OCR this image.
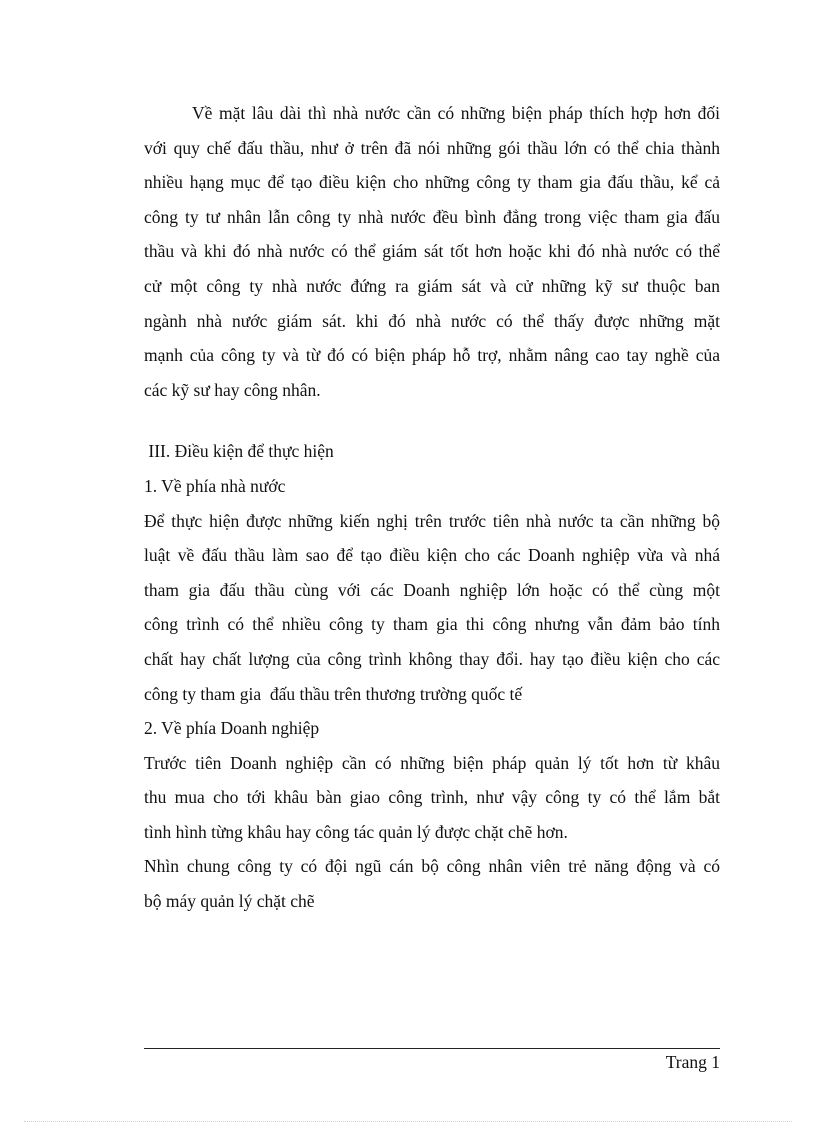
Về mặt lâu dài thì nhà nước cần có những biện pháp thích hợp hơn đối
với quy chế đấu thầu, như ở trên đã nói những gói thầu lớn có thể chia thành
nhiều hạng mục để tạo điều kiện cho những công ty tham gia đấu thầu, kể cả
công ty tư nhân lẫn công ty nhà nước đều bình đẳng trong việc tham gia đấu
thầu và khi đó nhà nước có thể giám sát tốt hơn hoặc khi đó nhà nước có thể
cử một công ty nhà nước đứng ra giám sát và cử những kỹ sư thuộc ban
ngành nhà nước giám sát. khi đó nhà nước có thể thấy được những mặt
mạnh của công ty và từ đó có biện pháp hỗ trợ, nhằm nâng cao tay nghề của
các kỹ sư hay công nhân.
III. Điều kiện để thực hiện
1. Về phía nhà nước
Để thực hiện được những kiến nghị trên trước tiên nhà nước ta cần những bộ
luật về đấu thầu làm sao để tạo điều kiện cho các Doanh nghiệp vừa và nhá
tham gia đấu thầu cùng với các Doanh nghiệp lớn hoặc có thể cùng một
công trình có thể nhiều công ty tham gia thi công nhưng vẫn đảm bảo tính
chất hay chất lượng của công trình không thay đổi. hay tạo điều kiện cho các
công ty tham gia  đấu thầu trên thương trường quốc tế
2. Về phía Doanh nghiệp
Trước tiên Doanh nghiệp cần có những biện pháp quản lý tốt hơn từ khâu
thu mua cho tới khâu bàn giao công trình, như vậy công ty có thể lắm bắt
tình hình từng khâu hay công tác quản lý được chặt chẽ hơn.
Nhìn chung công ty có đội ngũ cán bộ công nhân viên trẻ năng động và có
bộ máy quản lý chặt chẽ
Trang 1
